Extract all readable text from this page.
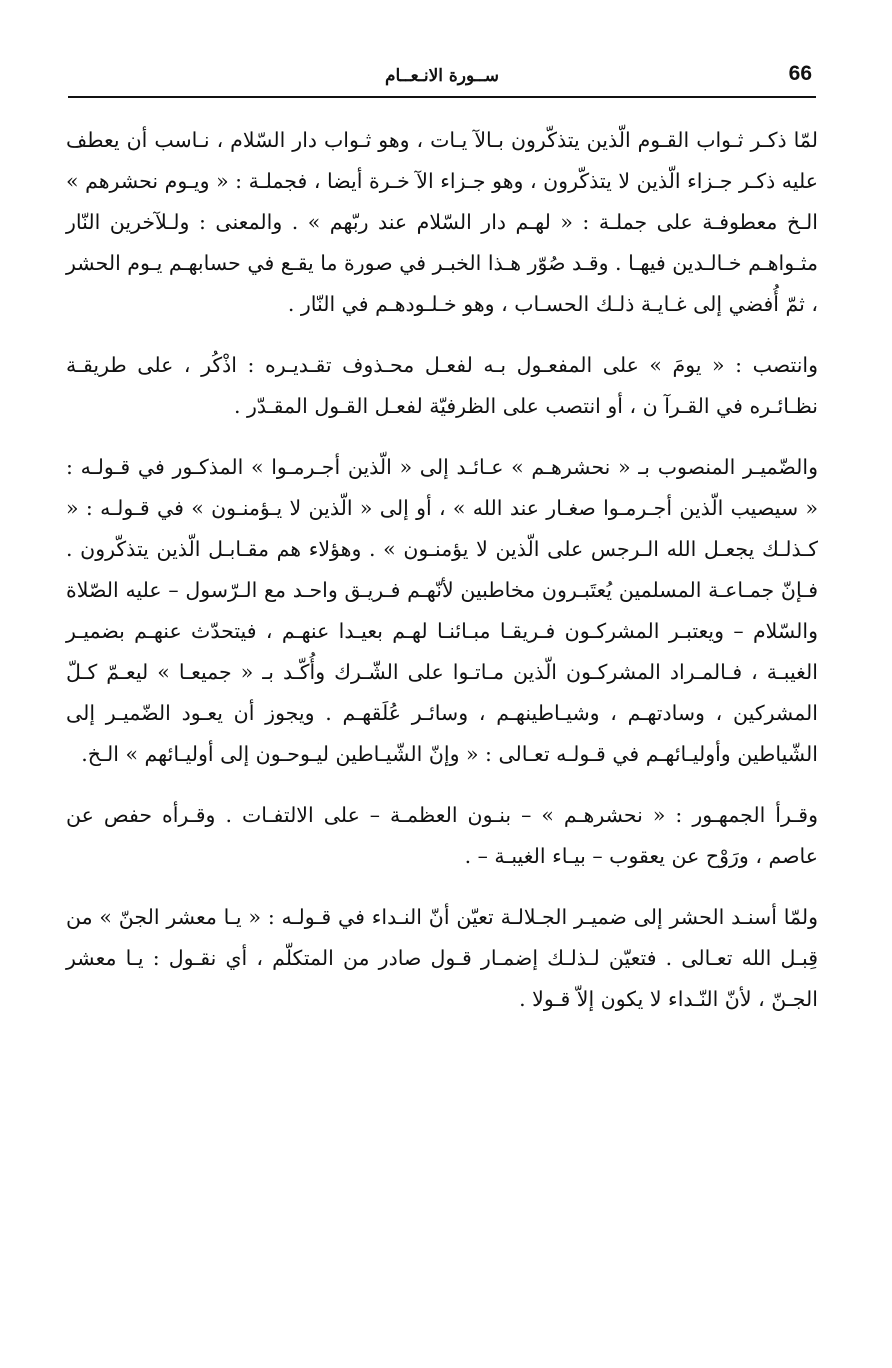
66
ســورة الانـعــام

لمّا ذكـر ثـواب القـوم الّذين يتذكّرون بـالآ يـات ، وهو ثـواب دار السّلام ، نـاسب أن يعطف عليه ذكـر جـزاء الّذين لا يتذكّرون ، وهو جـزاء الآ خـرة أيضا ، فجملـة : « ويـوم نحشرهم » الـخ معطوفـة على جملـة : « لهـم دار السّلام عند ربّهم » . والمعنى : ولـلآخرين النّار مثـواهـم خـالـدين فيهـا . وقـد صُوّر هـذا الخبـر في صورة ما يقـع في حسابهـم يـوم الحشر ، ثمّ أُفضي إلى غـايـة ذلـك الحسـاب ، وهو خـلـودهـم في النّار .

وانتصب : « يومَ » على المفعـول بـه لفعـل محـذوف تقـديـره : اذْكُر ، على طريقـة نظـائـره في القـرآ ن ، أو انتصب على الظرفيّة لفعـل القـول المقـدّر .

والضّميـر المنصوب بـ « نحشرهـم » عـائـد إلى « الّذين أجـرمـوا » المذكـور في قـولـه : « سيصيب الّذين أجـرمـوا صغـار عند الله » ، أو إلى « الّذين لا يـؤمنـون » في قـولـه : « كـذلـك يجعـل الله الـرجس على الّذين لا يؤمنـون » . وهؤلاء هم مقـابـل الّذين يتذكّرون . فـإنّ جمـاعـة المسلمين يُعتَبـرون مخاطبين لأنّهـم فـريـق واحـد مع الـرّسول – عليه الصّلاة والسّلام – ويعتبـر المشركـون فـريقـا مبـائنـا لهـم بعيـدا عنهـم ، فيتحدّث عنهـم بضميـر الغيبـة ، فـالمـراد المشركـون الّذين مـاتـوا على الشّـرك وأُكّـد بـ « جميعـا » ليعـمّ كـلّ المشركين ، وسادتهـم ، وشيـاطينهـم ، وسائـر عُلَقهـم . ويجوز أن يعـود الضّميـر إلى الشّياطين وأوليـائهـم في قـولـه تعـالى : « وإنّ الشّيـاطين ليـوحـون إلى أوليـائهم » الـخ.

وقـرأ الجمهـور : « نحشرهـم » – بنـون العظمـة – على الالتفـات . وقـرأه حفص عن عاصم ، ورَوْح عن يعقوب – بيـاء الغيبـة – .

ولمّا أسنـد الحشر إلى ضميـر الجـلالـة تعيّن أنّ النـداء في قـولـه : « يـا معشر الجنّ » من قِبـل الله تعـالى . فتعيّن لـذلـك إضمـار قـول صادر من المتكلّم ، أي نقـول : يـا معشر الجـنّ ، لأنّ النّـداء لا يكون إلاّ قـولا .
